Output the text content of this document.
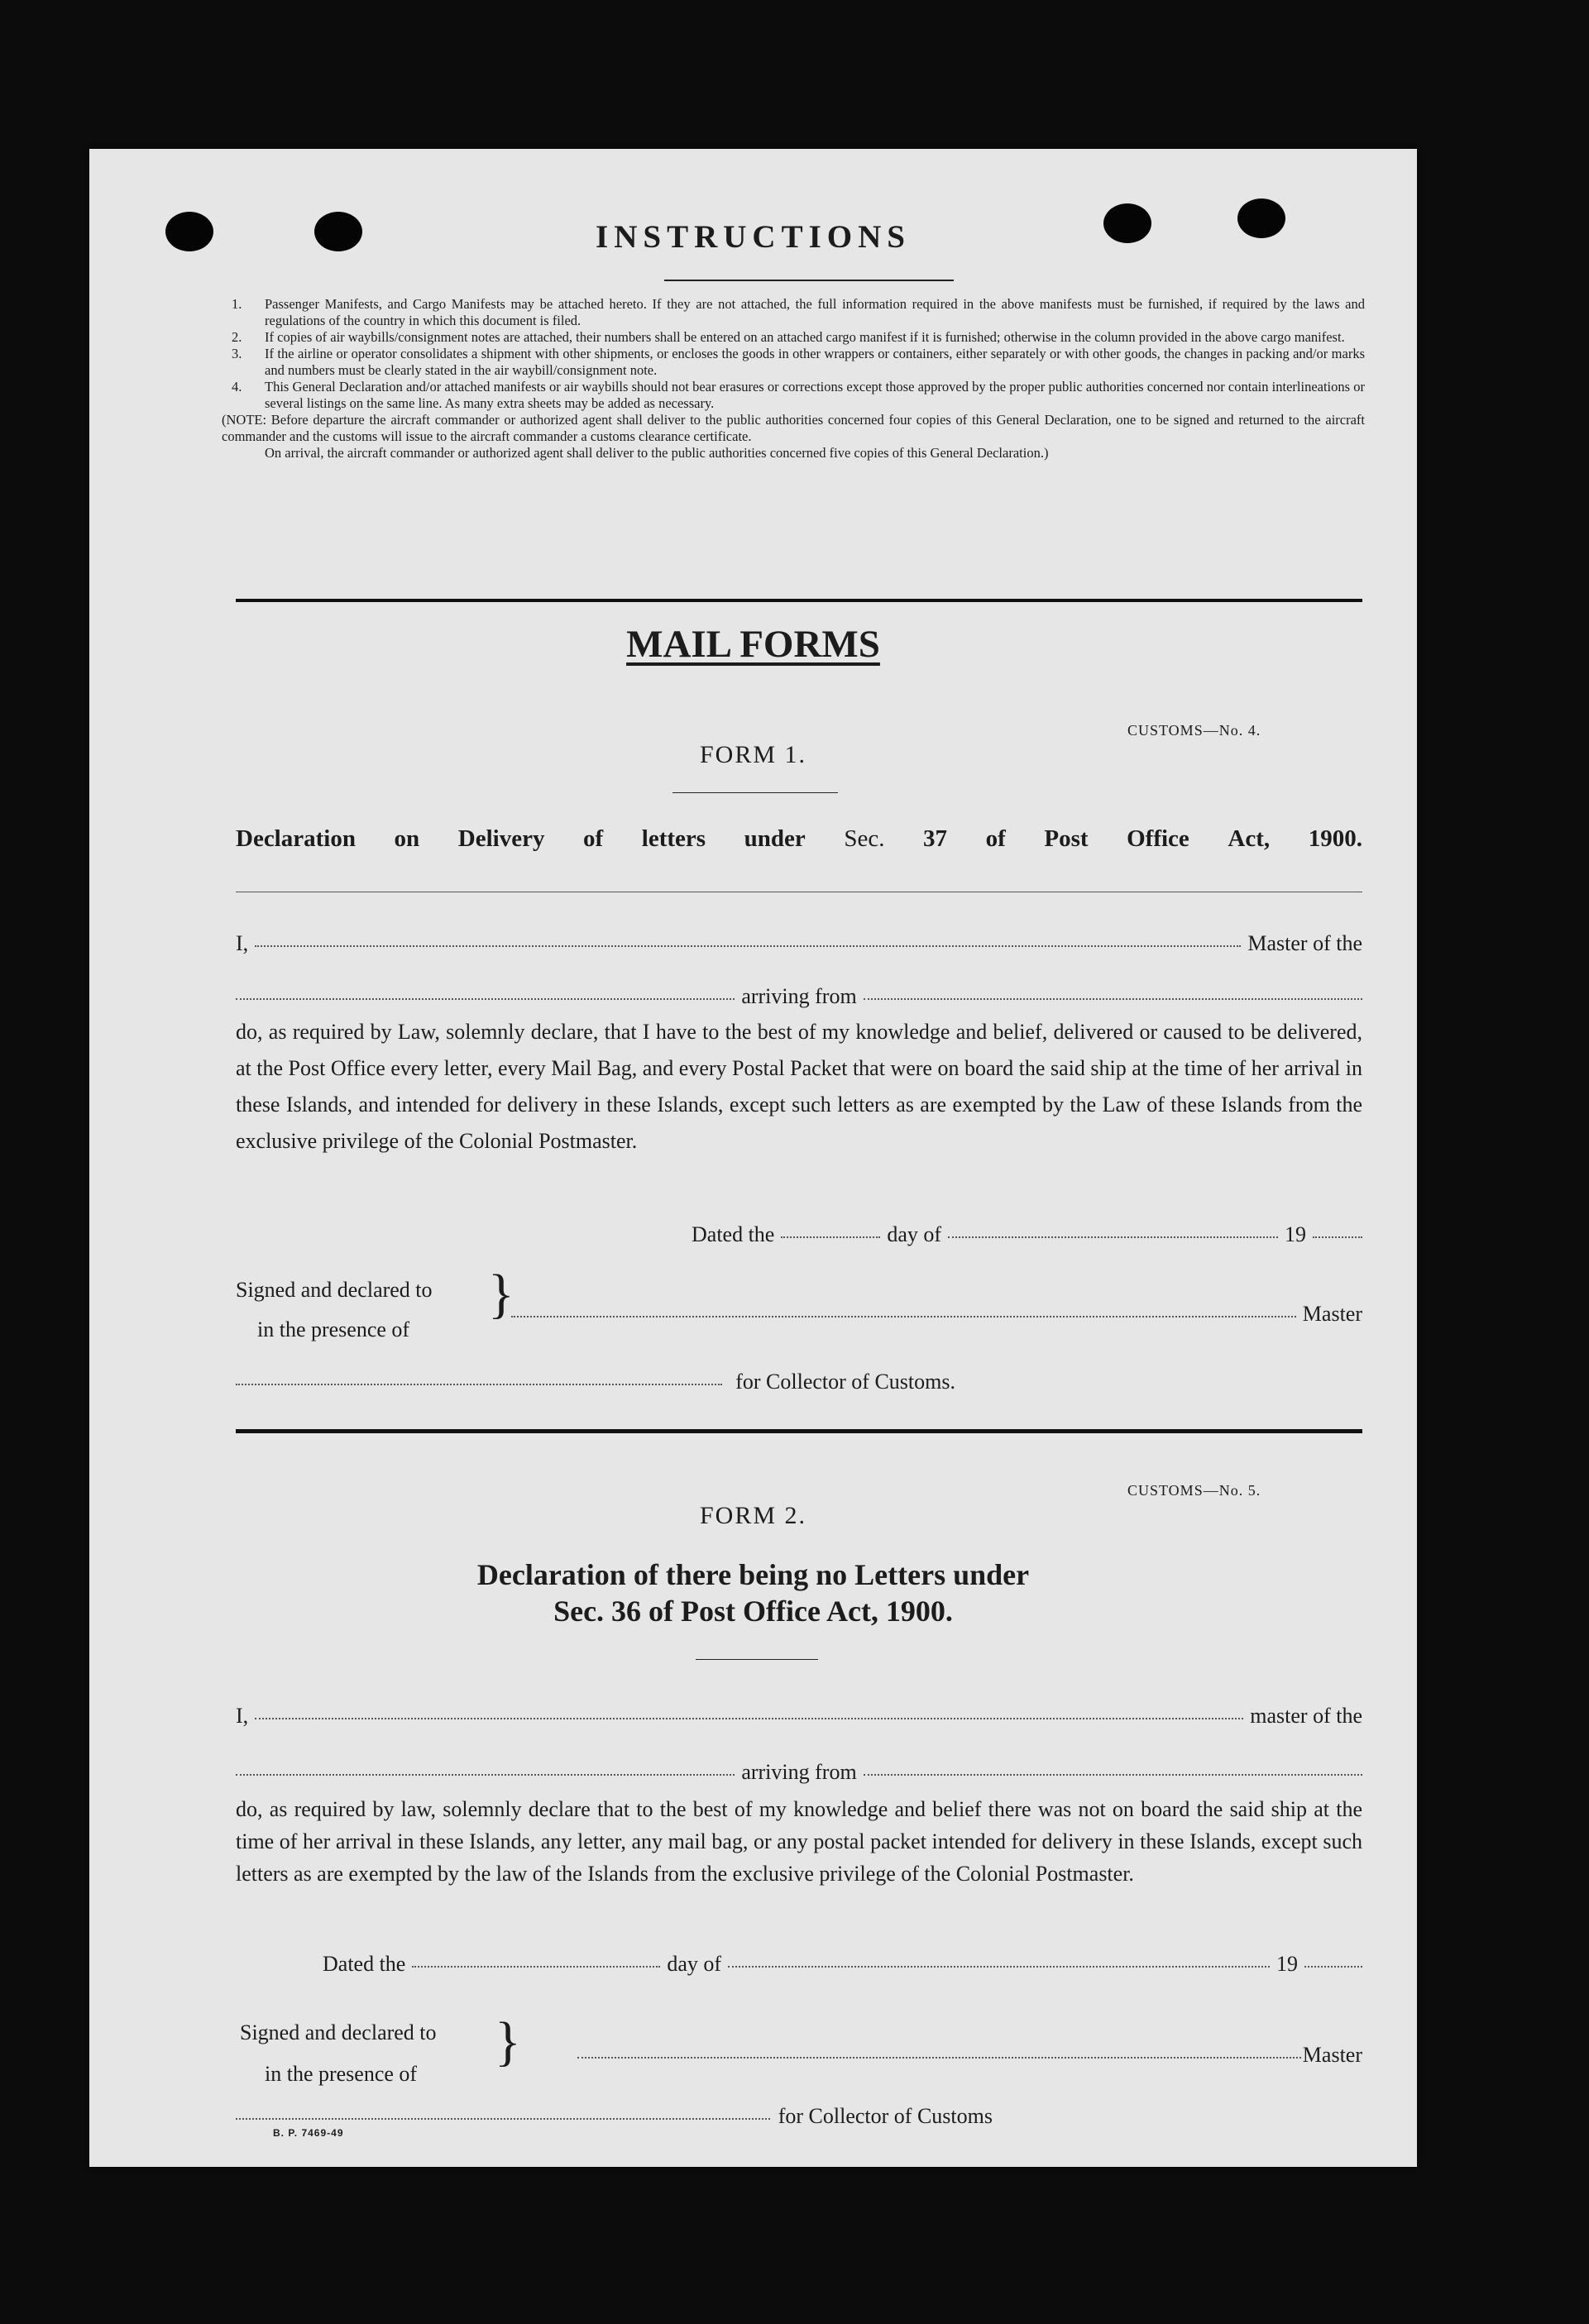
INSTRUCTIONS
1.	Passenger Manifests, and Cargo Manifests may be attached hereto. If they are not attached, the full information required in the above manifests must be furnished, if required by the laws and regulations of the country in which this document is filed.
2.	If copies of air waybills/consignment notes are attached, their numbers shall be entered on an attached cargo manifest if it is furnished; otherwise in the column provided in the above cargo manifest.
3.	If the airline or operator consolidates a shipment with other shipments, or encloses the goods in other wrappers or containers, either separately or with other goods, the changes in packing and/or marks and numbers must be clearly stated in the air waybill/consignment note.
4.	This General Declaration and/or attached manifests or air waybills should not bear erasures or corrections except those approved by the proper public authorities concerned nor contain interlineations or several listings on the same line. As many extra sheets may be added as necessary.
(NOTE: Before departure the aircraft commander or authorized agent shall deliver to the public authorities concerned four copies of this General Declaration, one to be signed and returned to the aircraft commander and the customs will issue to the aircraft commander a customs clearance certificate.
On arrival, the aircraft commander or authorized agent shall deliver to the public authorities concerned five copies of this General Declaration.)
MAIL FORMS
CUSTOMS—No. 4.
FORM 1.
Declaration on Delivery of letters under Sec. 37 of Post Office Act, 1900.
I,	Master of the
arriving from
do, as required by Law, solemnly declare, that I have to the best of my knowledge and belief, delivered or caused to be delivered, at the Post Office every letter, every Mail Bag, and every Postal Packet that were on board the said ship at the time of her arrival in these Islands, and intended for delivery in these Islands, except such letters as are exempted by the Law of these Islands from the exclusive privilege of the Colonial Postmaster.
Dated the	day of	19
Signed and declared to
in the presence of
}	Master
for Collector of Customs.
CUSTOMS—No. 5.
FORM 2.
Declaration of there being no Letters under
Sec. 36 of Post Office Act, 1900.
I,	master of the
arriving from
do, as required by law, solemnly declare that to the best of my knowledge and belief there was not on board the said ship at the time of her arrival in these Islands, any letter, any mail bag, or any postal packet intended for delivery in these Islands, except such letters as are exempted by the law of the Islands from the exclusive privilege of the Colonial Postmaster.
Dated the	day of	19
Signed and declared to
in the presence of
}	Master
for Collector of Customs
B. P. 7469-49
